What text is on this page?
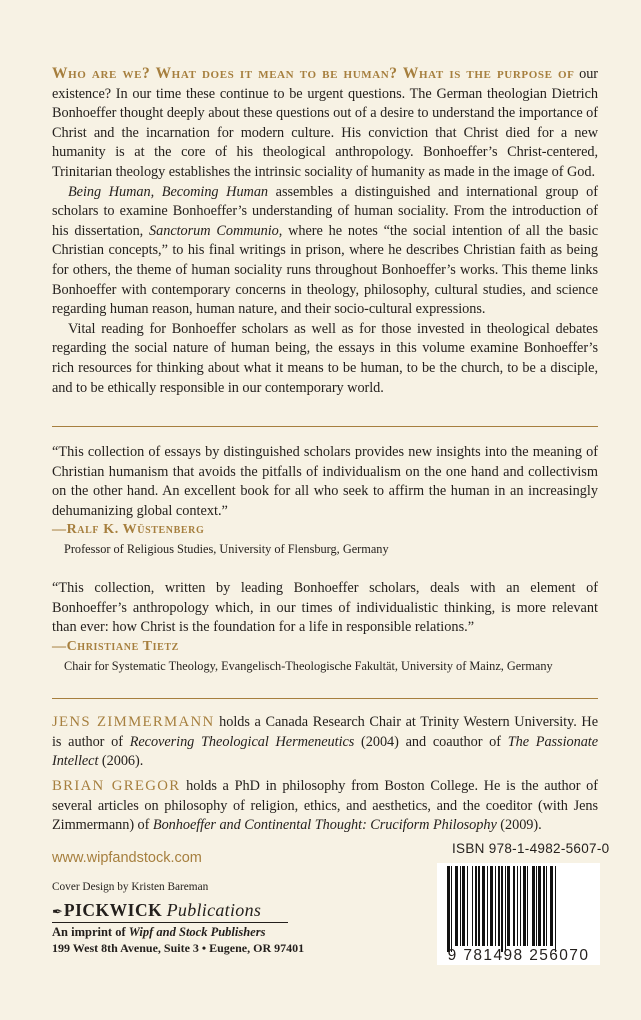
Who are we? What does it mean to be human? What is the purpose of our existence? In our time these continue to be urgent questions. The German theologian Dietrich Bonhoeffer thought deeply about these questions out of a desire to understand the importance of Christ and the incarnation for modern culture. His conviction that Christ died for a new humanity is at the core of his theological anthropology. Bonhoeffer’s Christ-centered, Trinitarian theology establishes the intrinsic sociality of humanity as made in the image of God.

Being Human, Becoming Human assembles a distinguished and international group of scholars to examine Bonhoeffer’s understanding of human sociality. From the introduction of his dissertation, Sanctorum Communio, where he notes “the social intention of all the basic Christian concepts,” to his final writings in prison, where he describes Christian faith as being for others, the theme of human sociality runs throughout Bonhoeffer’s works. This theme links Bonhoeffer with contemporary concerns in theology, philosophy, cultural studies, and science regarding human reason, human nature, and their socio-cultural expressions.

Vital reading for Bonhoeffer scholars as well as for those invested in theological debates regarding the social nature of human being, the essays in this volume examine Bonhoeffer’s rich resources for thinking about what it means to be human, to be the church, to be a disciple, and to be ethically responsible in our contemporary world.

“This collection of essays by distinguished scholars provides new insights into the meaning of Christian humanism that avoids the pitfalls of individualism on the one hand and collectivism on the other hand. An excellent book for all who seek to affirm the human in an increasingly dehumanizing global context.”

—Ralf K. Wüstenberg
Professor of Religious Studies, University of Flensburg, Germany

“This collection, written by leading Bonhoeffer scholars, deals with an element of Bonhoeffer’s anthropology which, in our times of individualistic thinking, is more relevant than ever: how Christ is the foundation for a life in responsible relations.”

—Christiane Tietz
Chair for Systematic Theology, Evangelisch-Theologische Fakultät, University of Mainz, Germany

JENS ZIMMERMANN holds a Canada Research Chair at Trinity Western University. He is author of Recovering Theological Hermeneutics (2004) and coauthor of The Passionate Intellect (2006).

BRIAN GREGOR holds a PhD in philosophy from Boston College. He is the author of several articles on philosophy of religion, ethics, and aesthetics, and the coeditor (with Jens Zimmermann) of Bonhoeffer and Continental Thought: Cruciform Philosophy (2009).

www.wipfandstock.com
Cover Design by Kristen Bareman
✒PICKWICK Publications
An imprint of Wipf and Stock Publishers
199 West 8th Avenue, Suite 3 • Eugene, OR 97401
ISBN 978-1-4982-5607-0
9 781498 256070
